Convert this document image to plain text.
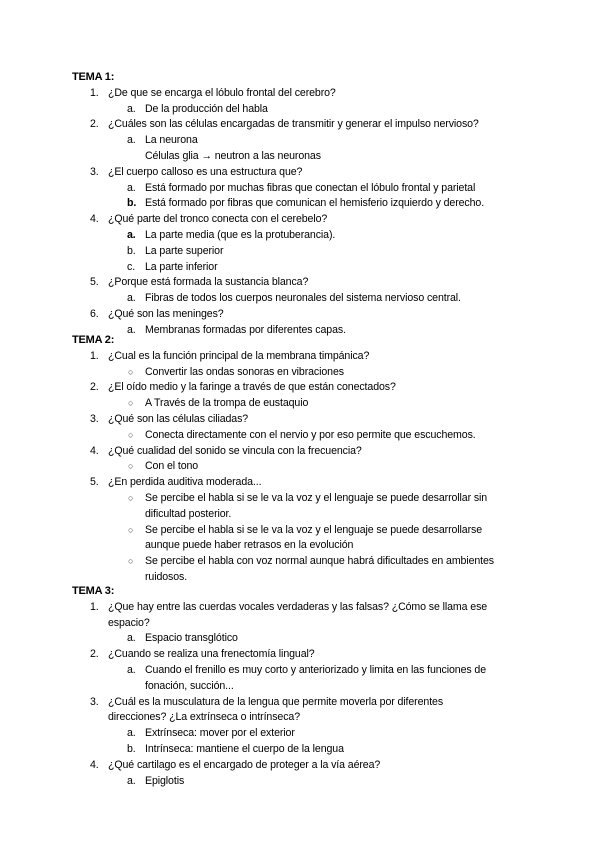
TEMA 1:
1. ¿De que se encarga el lóbulo frontal del cerebro?
a. De la producción del habla
2. ¿Cuáles son las células encargadas de transmitir y generar el impulso nervioso?
a. La neurona
Células glia → neutron a las neuronas
3. ¿El cuerpo calloso es una estructura que?
a. Está formado por muchas fibras que conectan el lóbulo frontal y parietal
b. Está formado por fibras que comunican el hemisferio izquierdo y derecho.
4. ¿Qué parte del tronco conecta con el cerebelo?
a. La parte media (que es la protuberancia).
b. La parte superior
c. La parte inferior
5. ¿Porque está formada la sustancia blanca?
a. Fibras de todos los cuerpos neuronales del sistema nervioso central.
6. ¿Qué son las meninges?
a. Membranas formadas por diferentes capas.
TEMA 2:
1. ¿Cual es la función principal de la membrana timpánica?
○ Convertir las ondas sonoras en vibraciones
2. ¿El oído medio y la faringe a través de que están conectados?
○ A Través de la trompa de eustaquio
3. ¿Qué son las células ciliadas?
○ Conecta directamente con el nervio y por eso permite que escuchemos.
4. ¿Qué cualidad del sonido se vincula con la frecuencia?
○ Con el tono
5. ¿En perdida auditiva moderada...
○ Se percibe el habla si se le va la voz y el lenguaje se puede desarrollar sin
dificultad posterior.
○ Se percibe el habla si se le va la voz y el lenguaje se puede desarrollarse
aunque puede haber retrasos en la evolución
○ Se percibe el habla con voz normal aunque habrá dificultades en ambientes
ruidosos.
TEMA 3:
1. ¿Que hay entre las cuerdas vocales verdaderas y las falsas? ¿Cómo se llama ese
espacio?
a. Espacio transglótico
2. ¿Cuando se realiza una frenectomía lingual?
a. Cuando el frenillo es muy corto y anteriorizado y limita en las funciones de
fonación, succión...
3. ¿Cuál es la musculatura de la lengua que permite moverla por diferentes
direcciones? ¿La extrínseca o intrínseca?
a. Extrínseca: mover por el exterior
b. Intrínseca: mantiene el cuerpo de la lengua
4. ¿Qué cartilago es el encargado de proteger a la vía aérea?
a. Epiglotis
